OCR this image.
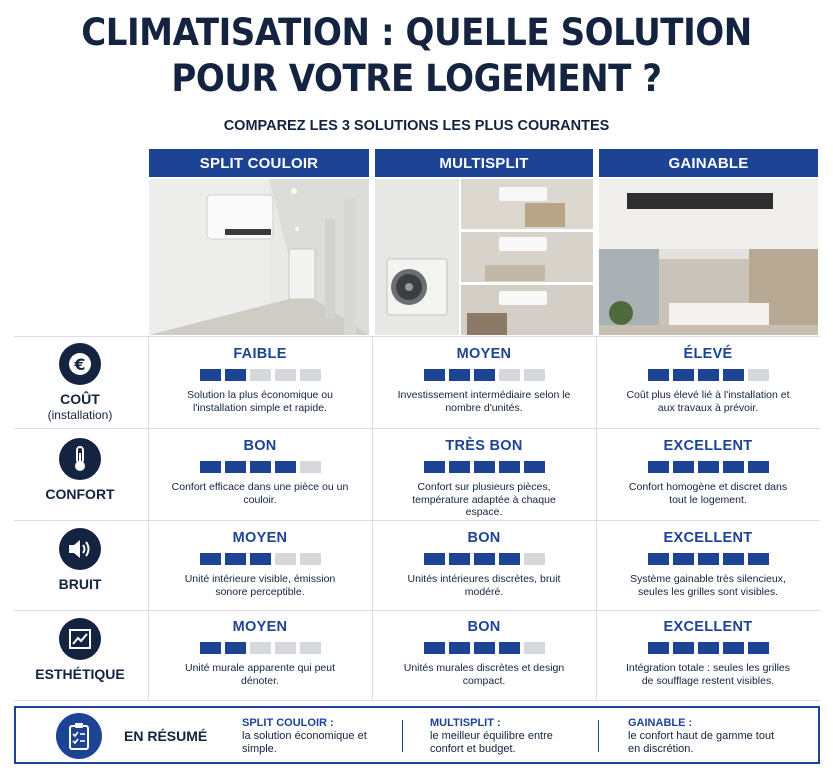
CLIMATISATION : QUELLE SOLUTION
POUR VOTRE LOGEMENT ?
COMPAREZ LES 3 SOLUTIONS LES PLUS COURANTES
SPLIT COULOIR	MULTISPLIT	GAINABLE
€
COÛT
(installation)
CONFORT
BRUIT
ESTHÉTIQUE
FAIBLE
Solution la plus économique ou l'installation simple et rapide.
MOYEN
Investissement intermédiaire selon le nombre d'unités.
ÉLEVÉ
Coût plus élevé lié à l'installation et aux travaux à prévoir.
BON
Confort efficace dans une pièce ou un couloir.
TRÈS BON
Confort sur plusieurs pièces, température adaptée à chaque espace.
EXCELLENT
Confort homogène et discret dans tout le logement.
MOYEN
Unité intérieure visible, émission sonore perceptible.
BON
Unités intérieures discrètes, bruit modéré.
EXCELLENT
Système gainable très silencieux, seules les grilles sont visibles.
MOYEN
Unité murale apparente qui peut dénoter.
BON
Unités murales discrètes et design compact.
EXCELLENT
Intégration totale : seules les grilles de soufflage restent visibles.
EN RÉSUMÉ
SPLIT COULOIR :
la solution économique et simple.
MULTISPLIT :
le meilleur équilibre entre confort et budget.
GAINABLE :
le confort haut de gamme tout en discrétion.
